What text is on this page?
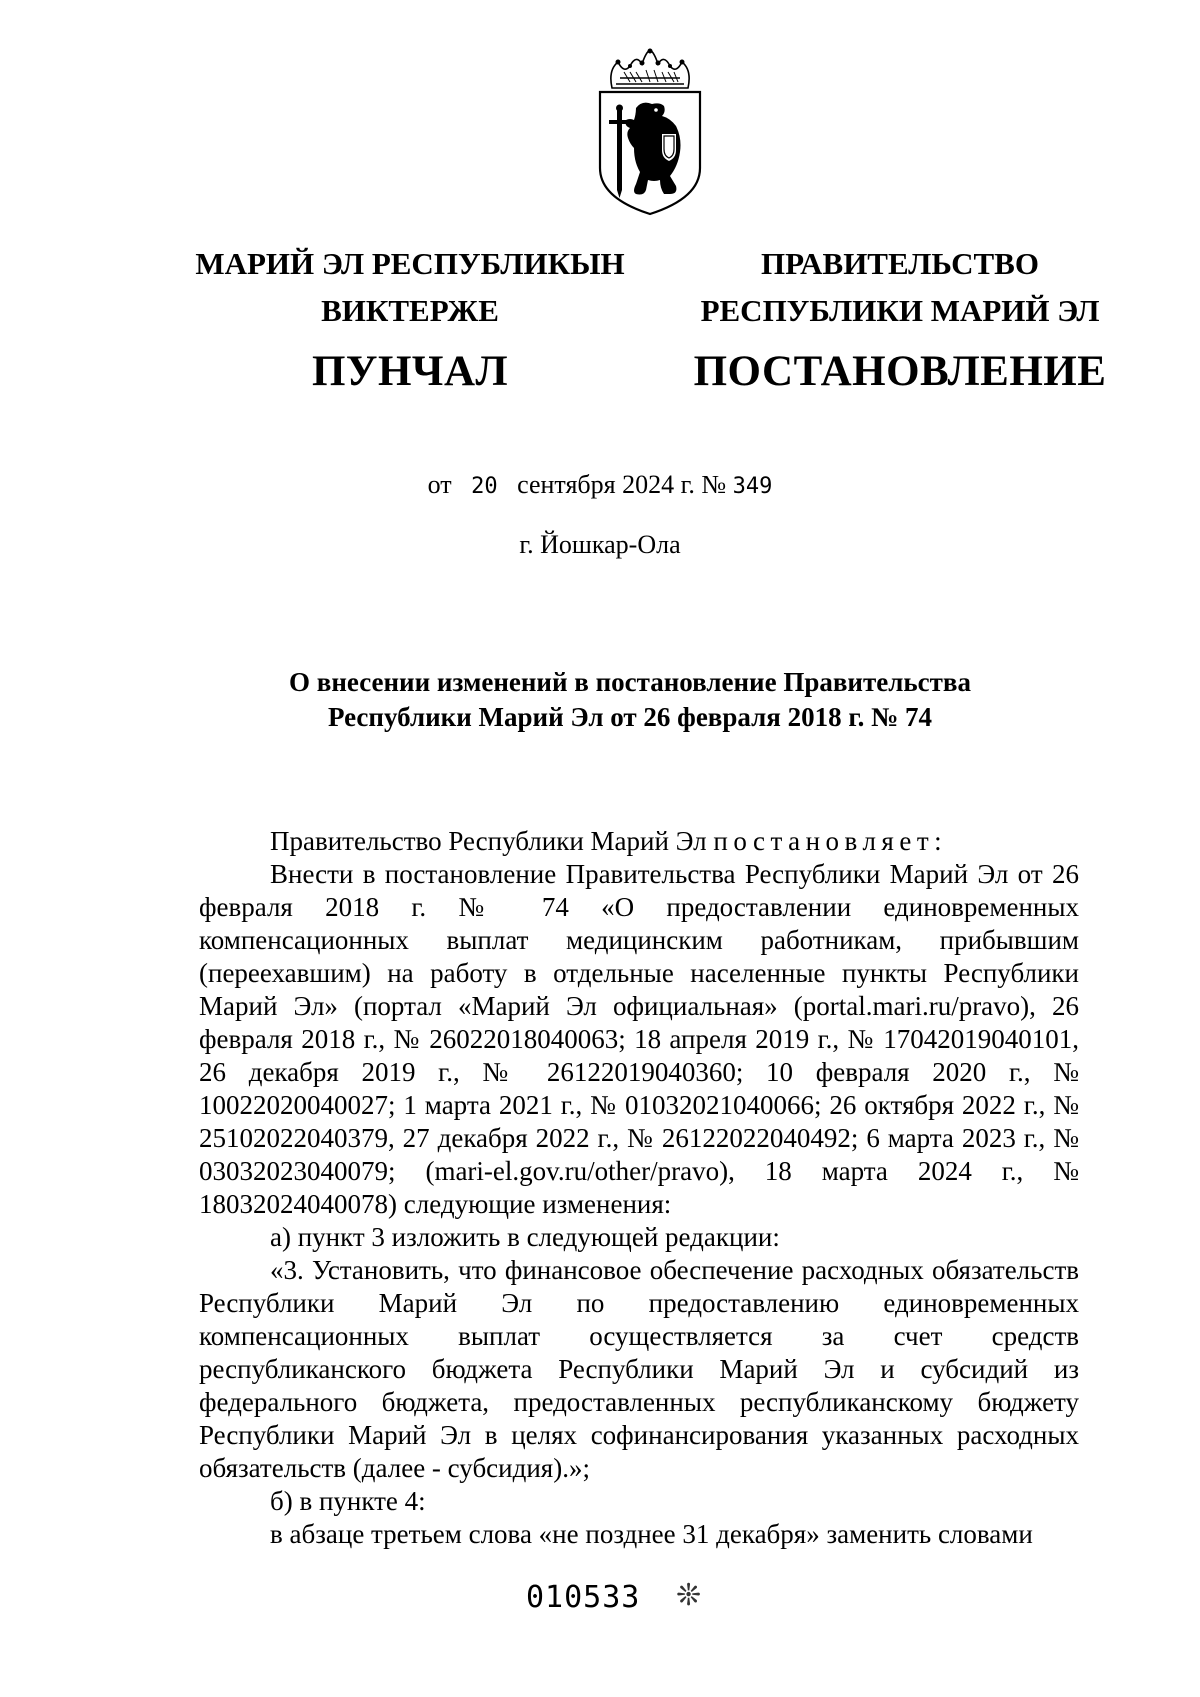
МАРИЙ ЭЛ РЕСПУБЛИКЫН
ВИКТЕРЖЕ
ПУНЧАЛ
ПРАВИТЕЛЬСТВО
РЕСПУБЛИКИ МАРИЙ ЭЛ
ПОСТАНОВЛЕНИЕ
от 20 сентября 2024 г. № 349
г. Йошкар-Ола
О внесении изменений в постановление Правительства
Республики Марий Эл от 26 февраля 2018 г. № 74

Правительство Республики Марий Эл постановляет:

Внести в постановление Правительства Республики Марий Эл от 26 февраля 2018 г. № 74 «О предоставлении единовременных компенсационных выплат медицинским работникам, прибывшим (переехавшим) на работу в отдельные населенные пункты Республики Марий Эл» (портал «Марий Эл официальная» (portal.mari.ru/pravo), 26 февраля 2018 г., № 26022018040063; 18 апреля 2019 г., № 17042019040101, 26 декабря 2019 г., № 26122019040360; 10 февраля 2020 г., № 10022020040027; 1 марта 2021 г., № 01032021040066; 26 октября 2022 г., № 25102022040379, 27 декабря 2022 г., № 26122022040492; 6 марта 2023 г., № 03032023040079; (mari-el.gov.ru/other/pravo), 18 марта 2024 г., № 18032024040078) следующие изменения:

а) пункт 3 изложить в следующей редакции:

«3. Установить, что финансовое обеспечение расходных обязательств Республики Марий Эл по предоставлению единовременных компенсационных выплат осуществляется за счет средств республиканского бюджета Республики Марий Эл и субсидий из федерального бюджета, предоставленных республиканскому бюджету Республики Марий Эл в целях софинансирования указанных расходных обязательств (далее - субсидия).»;

б) в пункте 4:

в абзаце третьем слова «не позднее 31 декабря» заменить словами

010533 ❊
